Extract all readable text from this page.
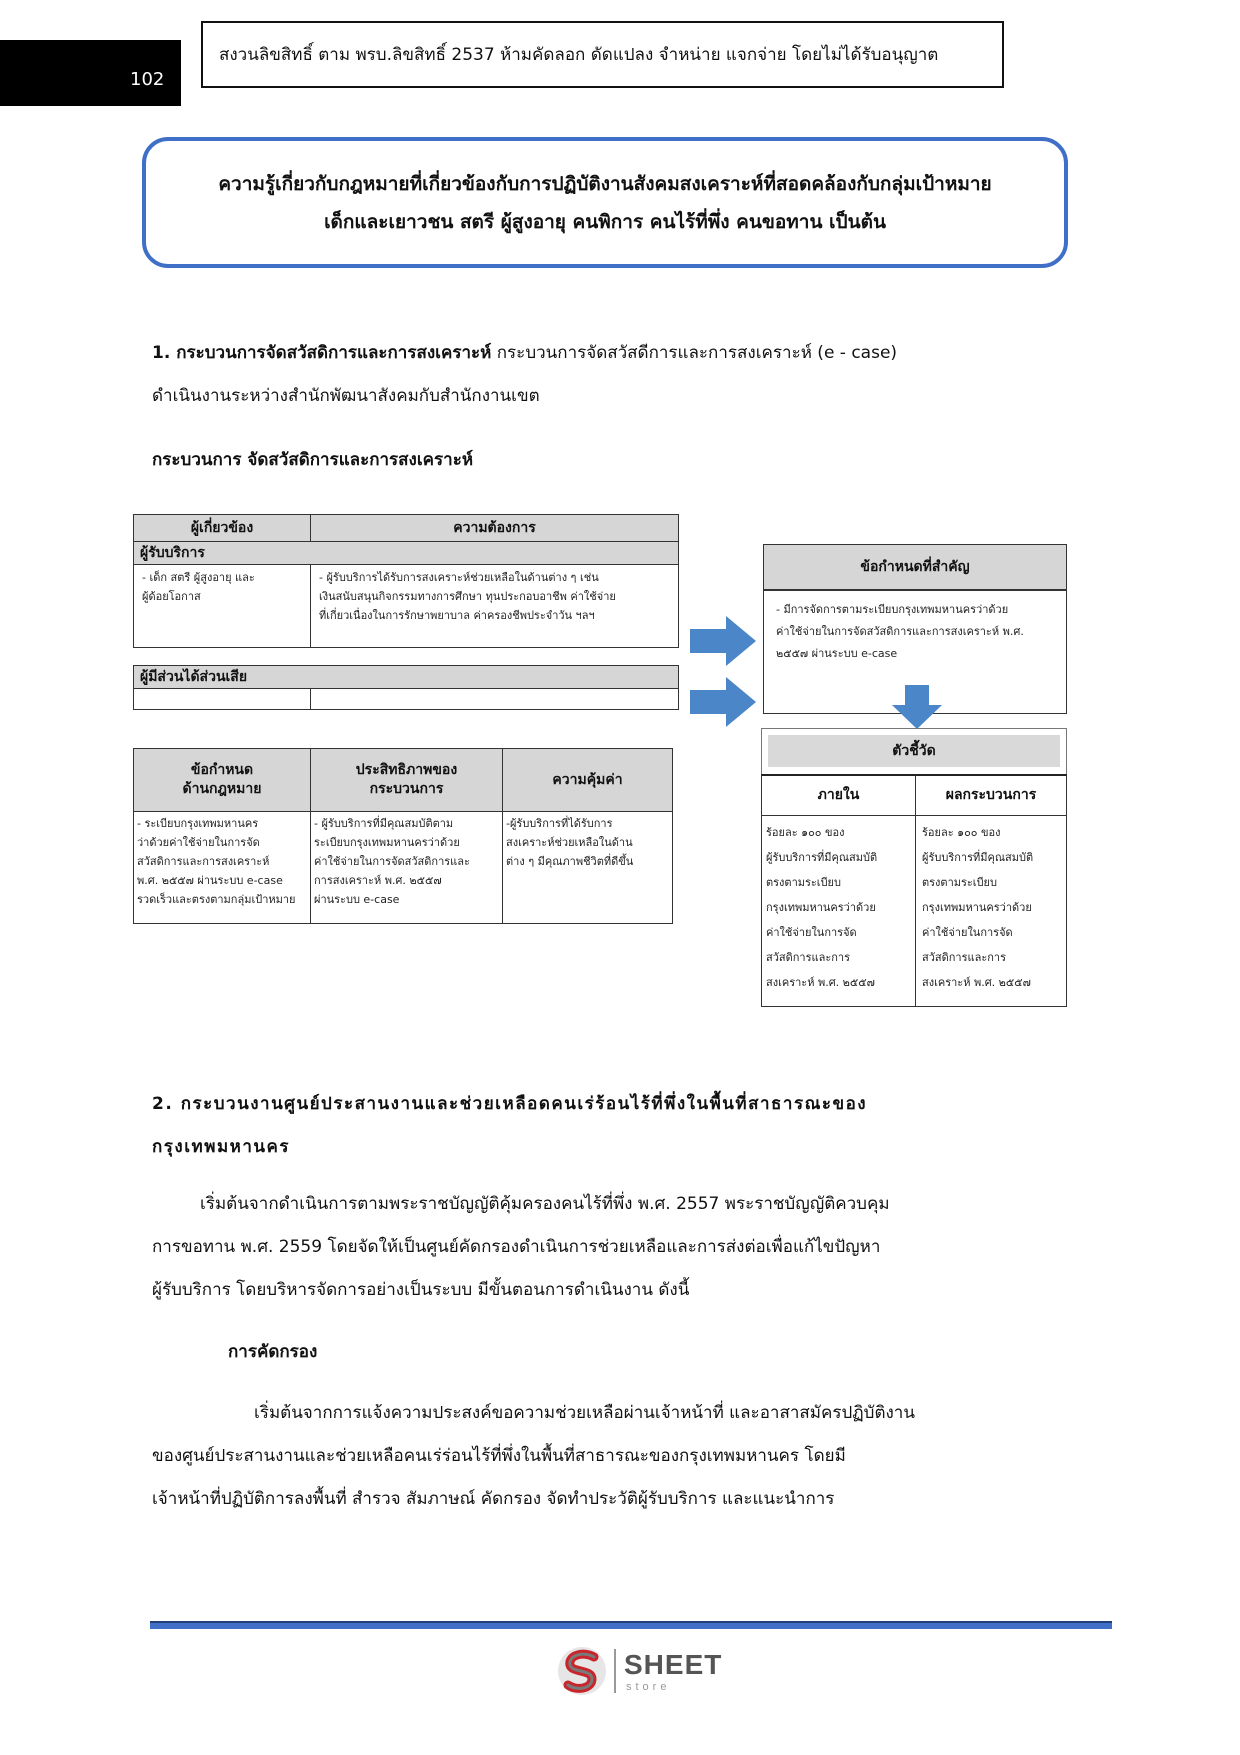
102
สงวนลิขสิทธิ์ ตาม พรบ.ลิขสิทธิ์ 2537 ห้ามคัดลอก ดัดแปลง จำหน่าย แจกจ่าย โดยไม่ได้รับอนุญาต
ความรู้เกี่ยวกับกฎหมายที่เกี่ยวข้องกับการปฏิบัติงานสังคมสงเคราะห์ที่สอดคล้องกับกลุ่มเป้าหมาย
เด็กและเยาวชน สตรี ผู้สูงอายุ คนพิการ คนไร้ที่พึ่ง คนขอทาน เป็นต้น
1. กระบวนการจัดสวัสดิการและการสงเคราะห์ กระบวนการจัดสวัสดีการและการสงเคราะห์ (e - case)
ดำเนินงานระหว่างสำนักพัฒนาสังคมกับสำนักงานเขต
กระบวนการ จัดสวัสดิการและการสงเคราะห์
ผู้เกี่ยวข้อง	ความต้องการ
ผู้รับบริการ
- เด็ก สตรี ผู้สูงอายุ และ
ผู้ด้อยโอกาส
- ผู้รับบริการได้รับการสงเคราะห์ช่วยเหลือในด้านต่าง ๆ เช่น
เงินสนับสนุนกิจกรรมทางการศึกษา ทุนประกอบอาชีพ ค่าใช้จ่าย
ที่เกี่ยวเนื่องในการรักษาพยาบาล ค่าครองชีพประจำวัน ฯลฯ
ผู้มีส่วนได้ส่วนเสีย
ข้อกำหนด
ด้านกฎหมาย
ประสิทธิภาพของ
กระบวนการ
ความคุ้มค่า
- ระเบียบกรุงเทพมหานคร
ว่าด้วยค่าใช้จ่ายในการจัด
สวัสดิการและการสงเคราะห์
พ.ศ. ๒๕๕๗ ผ่านระบบ e-case
รวดเร็วและตรงตามกลุ่มเป้าหมาย
- ผู้รับบริการที่มีคุณสมบัติตาม
ระเบียบกรุงเทพมหานครว่าด้วย
ค่าใช้จ่ายในการจัดสวัสดิการและ
การสงเคราะห์ พ.ศ. ๒๕๕๗
ผ่านระบบ e-case
-ผู้รับบริการที่ได้รับการ
สงเคราะห์ช่วยเหลือในด้าน
ต่าง ๆ มีคุณภาพชีวิตที่ดีขึ้น
ข้อกำหนดที่สำคัญ
- มีการจัดการตามระเบียบกรุงเทพมหานครว่าด้วย
ค่าใช้จ่ายในการจัดสวัสดิการและการสงเคราะห์ พ.ศ.
๒๕๕๗ ผ่านระบบ e-case
ตัวชี้วัด
ภายใน	ผลกระบวนการ
ร้อยละ ๑๐๐ ของ
ผู้รับบริการที่มีคุณสมบัติ
ตรงตามระเบียบ
กรุงเทพมหานครว่าด้วย
ค่าใช้จ่ายในการจัด
สวัสดิการและการ
สงเคราะห์ พ.ศ. ๒๕๕๗
ร้อยละ ๑๐๐ ของ
ผู้รับบริการที่มีคุณสมบัติ
ตรงตามระเบียบ
กรุงเทพมหานครว่าด้วย
ค่าใช้จ่ายในการจัด
สวัสดิการและการ
สงเคราะห์ พ.ศ. ๒๕๕๗
2. กระบวนงานศูนย์ประสานงานและช่วยเหลือดคนเร่ร้อนไร้ที่พึ่งในพื้นที่สาธารณะของ
กรุงเทพมหานคร
เริ่มต้นจากดำเนินการตามพระราชบัญญัติคุ้มครองคนไร้ที่พึ่ง พ.ศ. 2557 พระราชบัญญัติควบคุม
การขอทาน พ.ศ. 2559 โดยจัดให้เป็นศูนย์คัดกรองดำเนินการช่วยเหลือและการส่งต่อเพื่อแก้ไขปัญหา
ผู้รับบริการ โดยบริหารจัดการอย่างเป็นระบบ มีขั้นตอนการดำเนินงาน ดังนี้
การคัดกรอง
เริ่มต้นจากการแจ้งความประสงค์ขอความช่วยเหลือผ่านเจ้าหน้าที่ และอาสาสมัครปฏิบัติงาน
ของศูนย์ประสานงานและช่วยเหลือคนเร่ร่อนไร้ที่พึ่งในพื้นที่สาธารณะของกรุงเทพมหานคร โดยมี
เจ้าหน้าที่ปฏิบัติการลงพื้นที่ สำรวจ สัมภาษณ์ คัดกรอง จัดทำประวัติผู้รับบริการ และแนะนำการ
SHEET
store
